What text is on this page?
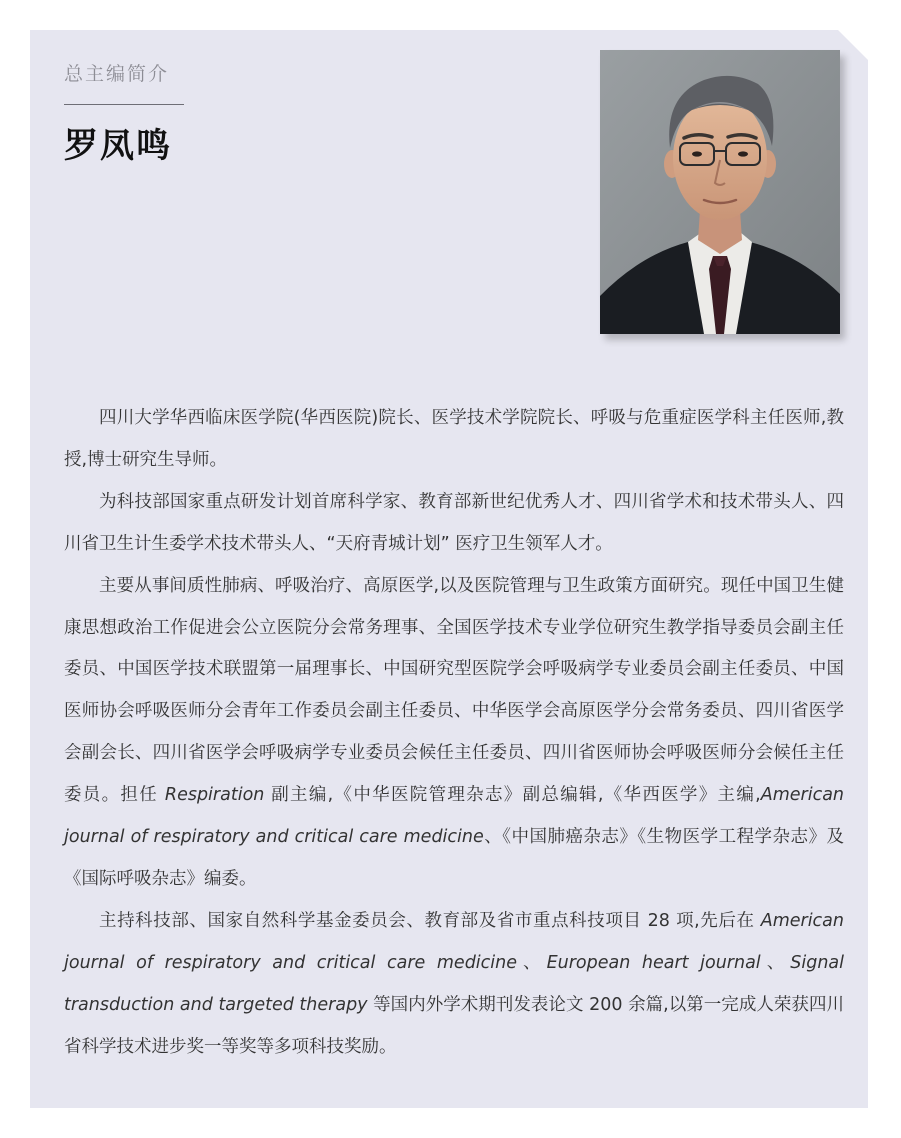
总主编简介
罗凤鸣

四川大学华西临床医学院(华西医院)院长、医学技术学院院长、呼吸与危重症医学科主任医师,教授,博士研究生导师。

为科技部国家重点研发计划首席科学家、教育部新世纪优秀人才、四川省学术和技术带头人、四川省卫生计生委学术技术带头人、“天府青城计划” 医疗卫生领军人才。

主要从事间质性肺病、呼吸治疗、高原医学,以及医院管理与卫生政策方面研究。现任中国卫生健康思想政治工作促进会公立医院分会常务理事、全国医学技术专业学位研究生教学指导委员会副主任委员、中国医学技术联盟第一届理事长、中国研究型医院学会呼吸病学专业委员会副主任委员、中国医师协会呼吸医师分会青年工作委员会副主任委员、中华医学会高原医学分会常务委员、四川省医学会副会长、四川省医学会呼吸病学专业委员会候任主任委员、四川省医师协会呼吸医师分会候任主任委员。担任 Respiration 副主编,《中华医院管理杂志》副总编辑,《华西医学》主编,American journal of respiratory and critical care medicine、《中国肺癌杂志》《生物医学工程学杂志》及《国际呼吸杂志》编委。

主持科技部、国家自然科学基金委员会、教育部及省市重点科技项目 28 项,先后在 American journal of respiratory and critical care medicine、European heart journal、Signal transduction and targeted therapy 等国内外学术期刊发表论文 200 余篇,以第一完成人荣获四川省科学技术进步奖一等奖等多项科技奖励。
